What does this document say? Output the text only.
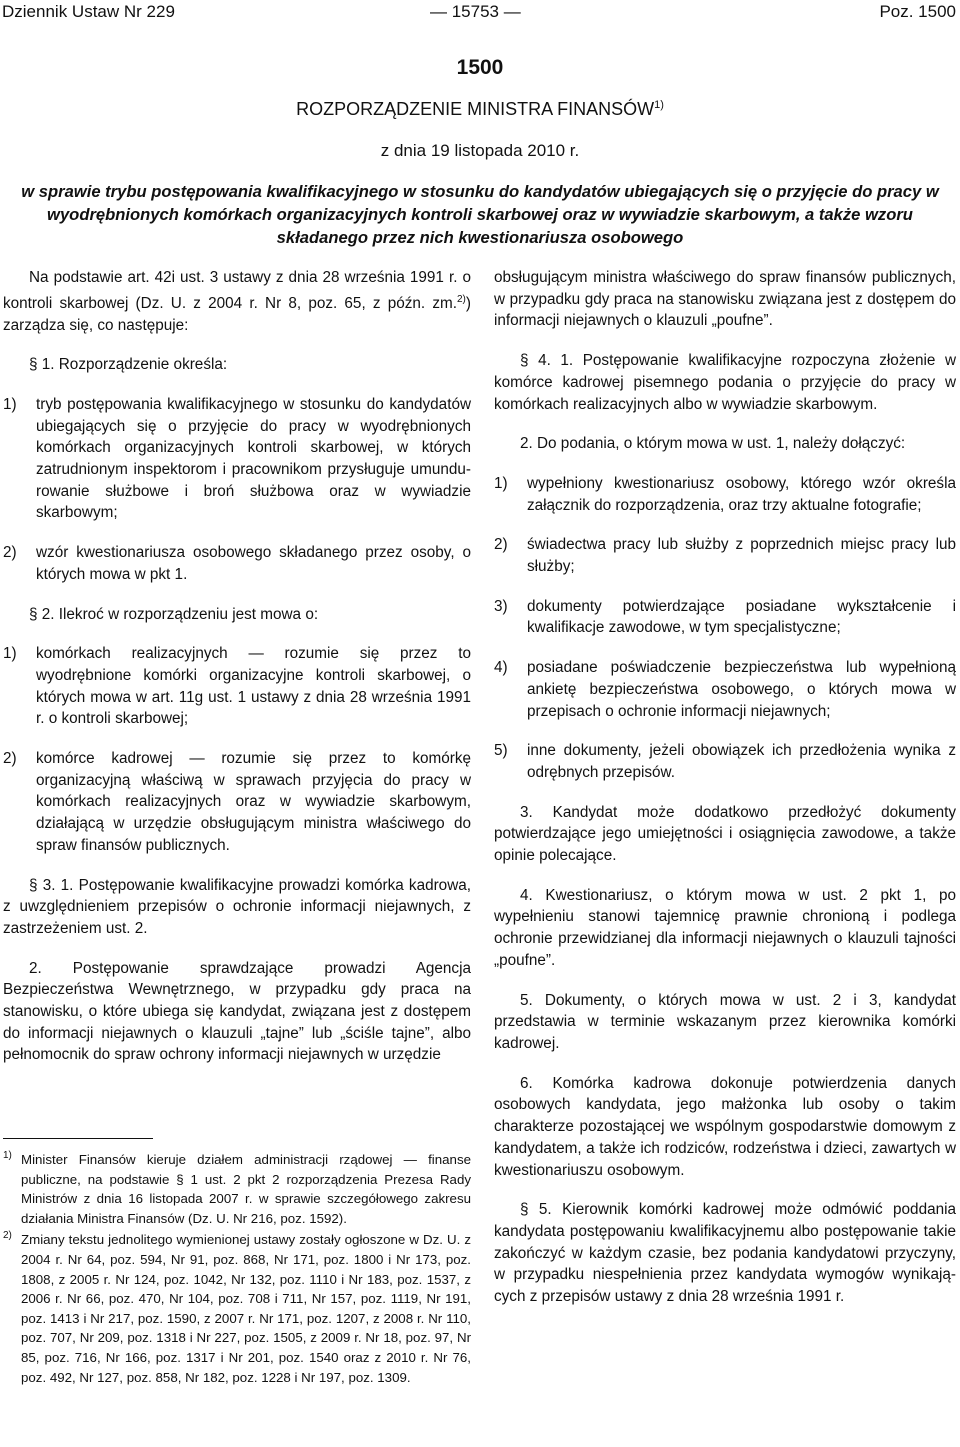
Dziennik Ustaw Nr 229	— 15753 —	Poz. 1500
1500
ROZPORZĄDZENIE MINISTRA FINANSÓW$^{1)}$
z dnia 19 listopada 2010 r.
w sprawie trybu postępowania kwalifikacyjnego w stosunku do kandydatów ubiegających się o przyjęcie do pracy w wyodrębnionych komórkach organizacyjnych kontroli skarbowej oraz w wywiadzie skarbowym, a także wzoru składanego przez nich kwestionariusza osobowego

Na podstawie art. 42i ust. 3 ustawy z dnia 28 września 1991 r. o kontroli skarbowej (Dz. U. z 2004 r. Nr 8, poz. 65, z późn. zm.$^{2)}$) zarządza się, co następuje:

§ 1. Rozporządzenie określa:

1) tryb postępowania kwalifikacyjnego w stosunku do kandydatów ubiegających się o przyjęcie do pracy w wyodrębnionych komórkach organizacyjnych kontroli skarbowej, w których zatrudnionym inspektorom i pracownikom przysługuje umundurowanie służbowe i broń służbowa oraz w wywiadzie skarbowym;
2) wzór kwestionariusza osobowego składanego przez osoby, o których mowa w pkt 1.

§ 2. Ilekroć w rozporządzeniu jest mowa o:

1) komórkach realizacyjnych — rozumie się przez to wyodrębnione komórki organizacyjne kontroli skarbowej, o których mowa w art. 11g ust. 1 ustawy z dnia 28 września 1991 r. o kontroli skarbowej;
2) komórce kadrowej — rozumie się przez to komórkę organizacyjną właściwą w sprawach przyjęcia do pracy w komórkach realizacyjnych oraz w wywiadzie skarbowym, działającą w urzędzie obsługującym ministra właściwego do spraw finansów publicznych.

§ 3. 1. Postępowanie kwalifikacyjne prowadzi komórka kadrowa, z uwzględnieniem przepisów o ochronie informacji niejawnych, z zastrzeżeniem ust. 2.

2. Postępowanie sprawdzające prowadzi Agencja Bezpieczeństwa Wewnętrznego, w przypadku gdy praca na stanowisku, o które ubiega się kandydat, związana jest z dostępem do informacji niejawnych o klauzuli „tajne” lub „ściśle tajne”, albo pełnomocnik do spraw ochrony informacji niejawnych w urzędzie

obsługującym ministra właściwego do spraw finansów publicznych, w przypadku gdy praca na stanowisku związana jest z dostępem do informacji niejawnych o klauzuli „poufne”.

§ 4. 1. Postępowanie kwalifikacyjne rozpoczyna złożenie w komórce kadrowej pisemnego podania o przyjęcie do pracy w komórkach realizacyjnych albo w wywiadzie skarbowym.

2. Do podania, o którym mowa w ust. 1, należy dołączyć:

1) wypełniony kwestionariusz osobowy, którego wzór określa załącznik do rozporządzenia, oraz trzy aktualne fotografie;
2) świadectwa pracy lub służby z poprzednich miejsc pracy lub służby;
3) dokumenty potwierdzające posiadane wykształcenie i kwalifikacje zawodowe, w tym specjalistyczne;
4) posiadane poświadczenie bezpieczeństwa lub wypełnioną ankietę bezpieczeństwa osobowego, o których mowa w przepisach o ochronie informacji niejawnych;
5) inne dokumenty, jeżeli obowiązek ich przedłożenia wynika z odrębnych przepisów.

3. Kandydat może dodatkowo przedłożyć dokumenty potwierdzające jego umiejętności i osiągnięcia zawodowe, a także opinie polecające.

4. Kwestionariusz, o którym mowa w ust. 2 pkt 1, po wypełnieniu stanowi tajemnicę prawnie chronioną i podlega ochronie przewidzianej dla informacji niejawnych o klauzuli tajności „poufne”.

5. Dokumenty, o których mowa w ust. 2 i 3, kandydat przedstawia w terminie wskazanym przez kierownika komórki kadrowej.

6. Komórka kadrowa dokonuje potwierdzenia danych osobowych kandydata, jego małżonka lub osoby o takim charakterze pozostającej we wspólnym gospodarstwie domowym z kandydatem, a także ich rodziców, rodzeństwa i dzieci, zawartych w kwestionariuszu osobowym.

§ 5. Kierownik komórki kadrowej może odmówić poddania kandydata postępowaniu kwalifikacyjnemu albo postępowanie takie zakończyć w każdym czasie, bez podania kandydatowi przyczyny, w przypadku niespełnienia przez kandydata wymogów wynikających z przepisów ustawy z dnia 28 września 1991 r.

1) Minister Finansów kieruje działem administracji rządowej — finanse publiczne, na podstawie § 1 ust. 2 pkt 2 rozporządzenia Prezesa Rady Ministrów z dnia 16 listopada 2007 r. w sprawie szczegółowego zakresu działania Ministra Finansów (Dz. U. Nr 216, poz. 1592).
2) Zmiany tekstu jednolitego wymienionej ustawy zostały ogłoszone w Dz. U. z 2004 r. Nr 64, poz. 594, Nr 91, poz. 868, Nr 171, poz. 1800 i Nr 173, poz. 1808, z 2005 r. Nr 124, poz. 1042, Nr 132, poz. 1110 i Nr 183, poz. 1537, z 2006 r. Nr 66, poz. 470, Nr 104, poz. 708 i 711, Nr 157, poz. 1119, Nr 191, poz. 1413 i Nr 217, poz. 1590, z 2007 r. Nr 171, poz. 1207, z 2008 r. Nr 110, poz. 707, Nr 209, poz. 1318 i Nr 227, poz. 1505, z 2009 r. Nr 18, poz. 97, Nr 85, poz. 716, Nr 166, poz. 1317 i Nr 201, poz. 1540 oraz z 2010 r. Nr 76, poz. 492, Nr 127, poz. 858, Nr 182, poz. 1228 i Nr 197, poz. 1309.
